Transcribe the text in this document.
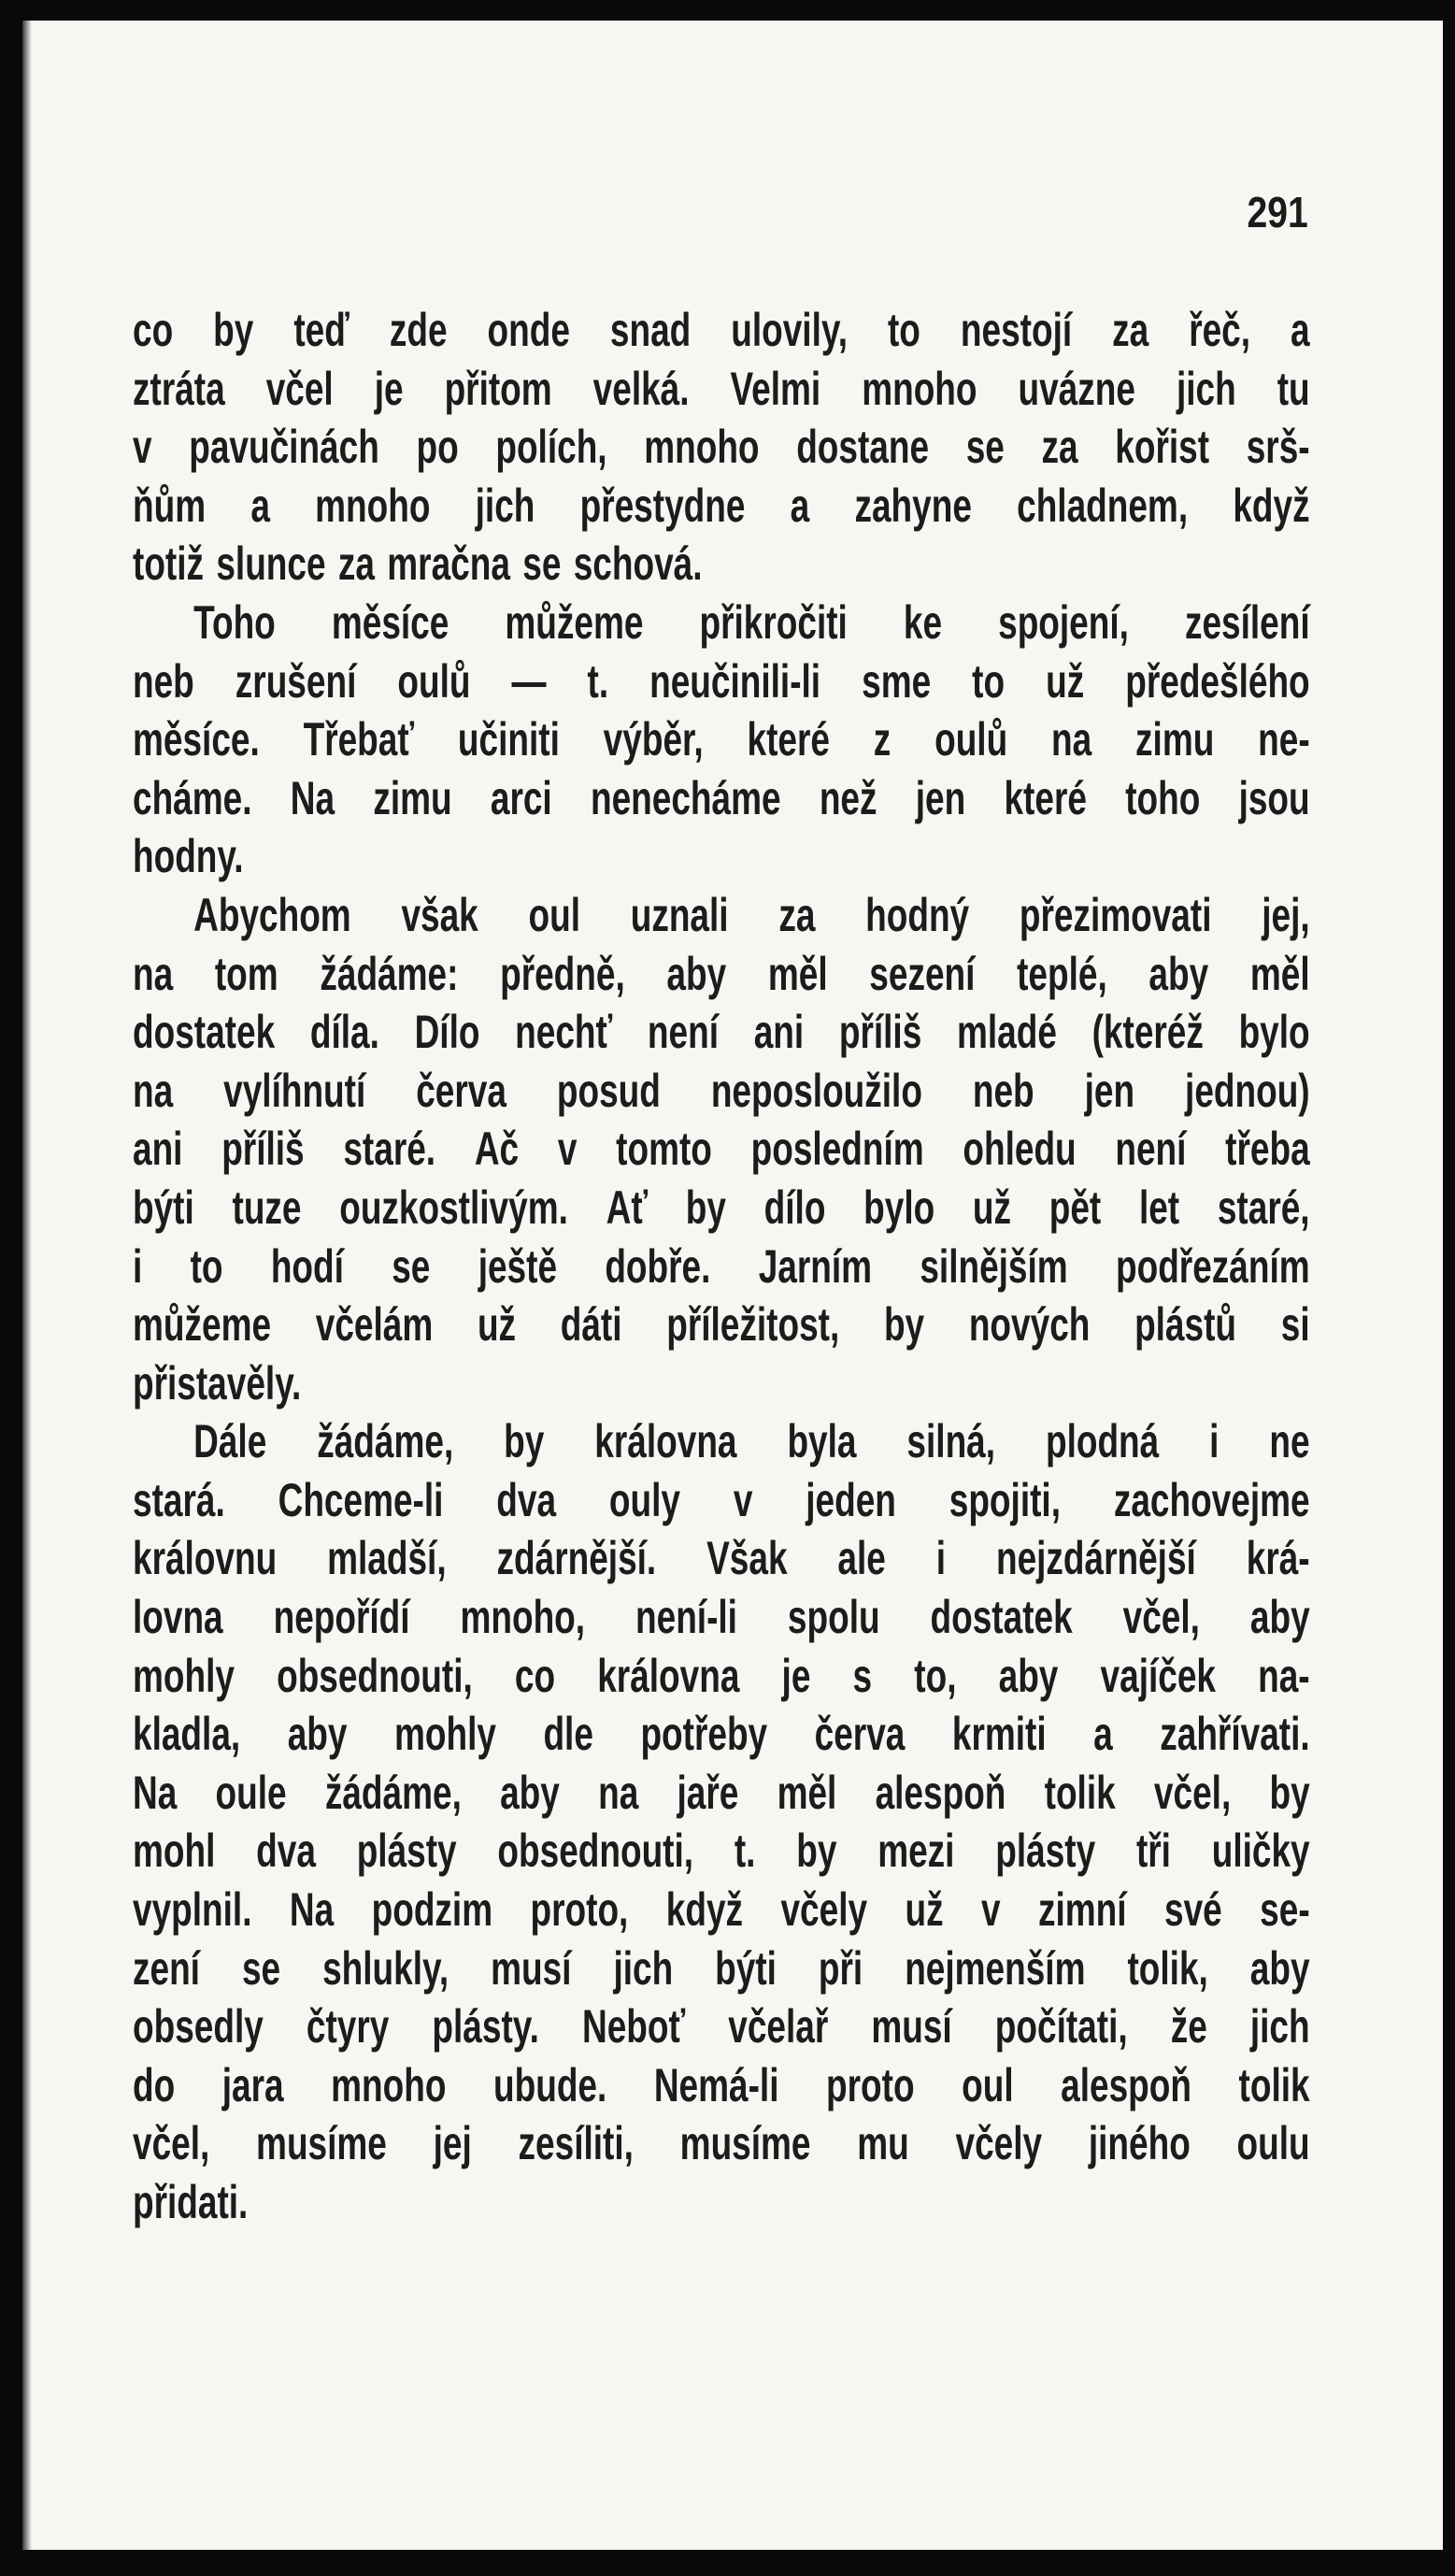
291
co by teď zde onde snad ulovily, to nestojí za řeč, a
ztráta včel je přitom velká. Velmi mnoho uvázne jich tu
v pavučinách po polích, mnoho dostane se za kořist srš-
ňům a mnoho jich přestydne a zahyne chladnem, když
totiž slunce za mračna se schová.
Toho měsíce můžeme přikročiti ke spojení, zesílení
neb zrušení oulů — t. neučinili-li sme to už předešlého
měsíce. Třebať učiniti výběr, které z oulů na zimu ne-
cháme. Na zimu arci nenecháme než jen které toho jsou
hodny.
Abychom však oul uznali za hodný přezimovati jej,
na tom žádáme: předně, aby měl sezení teplé, aby měl
dostatek díla. Dílo nechť není ani příliš mladé (kteréž bylo
na vylíhnutí červa posud neposloužilo neb jen jednou)
ani příliš staré. Ač v tomto posledním ohledu není třeba
býti tuze ouzkostlivým. Ať by dílo bylo už pět let staré,
i to hodí se ještě dobře. Jarním silnějším podřezáním
můžeme včelám už dáti příležitost, by nových plástů si
přistavěly.
Dále žádáme, by královna byla silná, plodná i ne
stará. Chceme-li dva ouly v jeden spojiti, zachovejme
královnu mladší, zdárnější. Však ale i nejzdárnější krá-
lovna nepořídí mnoho, není-li spolu dostatek včel, aby
mohly obsednouti, co královna je s to, aby vajíček na-
kladla, aby mohly dle potřeby červa krmiti a zahřívati.
Na oule žádáme, aby na jaře měl alespoň tolik včel, by
mohl dva plásty obsednouti, t. by mezi plásty tři uličky
vyplnil. Na podzim proto, když včely už v zimní své se-
zení se shlukly, musí jich býti při nejmenším tolik, aby
obsedly čtyry plásty. Neboť včelař musí počítati, že jich
do jara mnoho ubude. Nemá-li proto oul alespoň tolik
včel, musíme jej zesíliti, musíme mu včely jiného oulu
přidati.
